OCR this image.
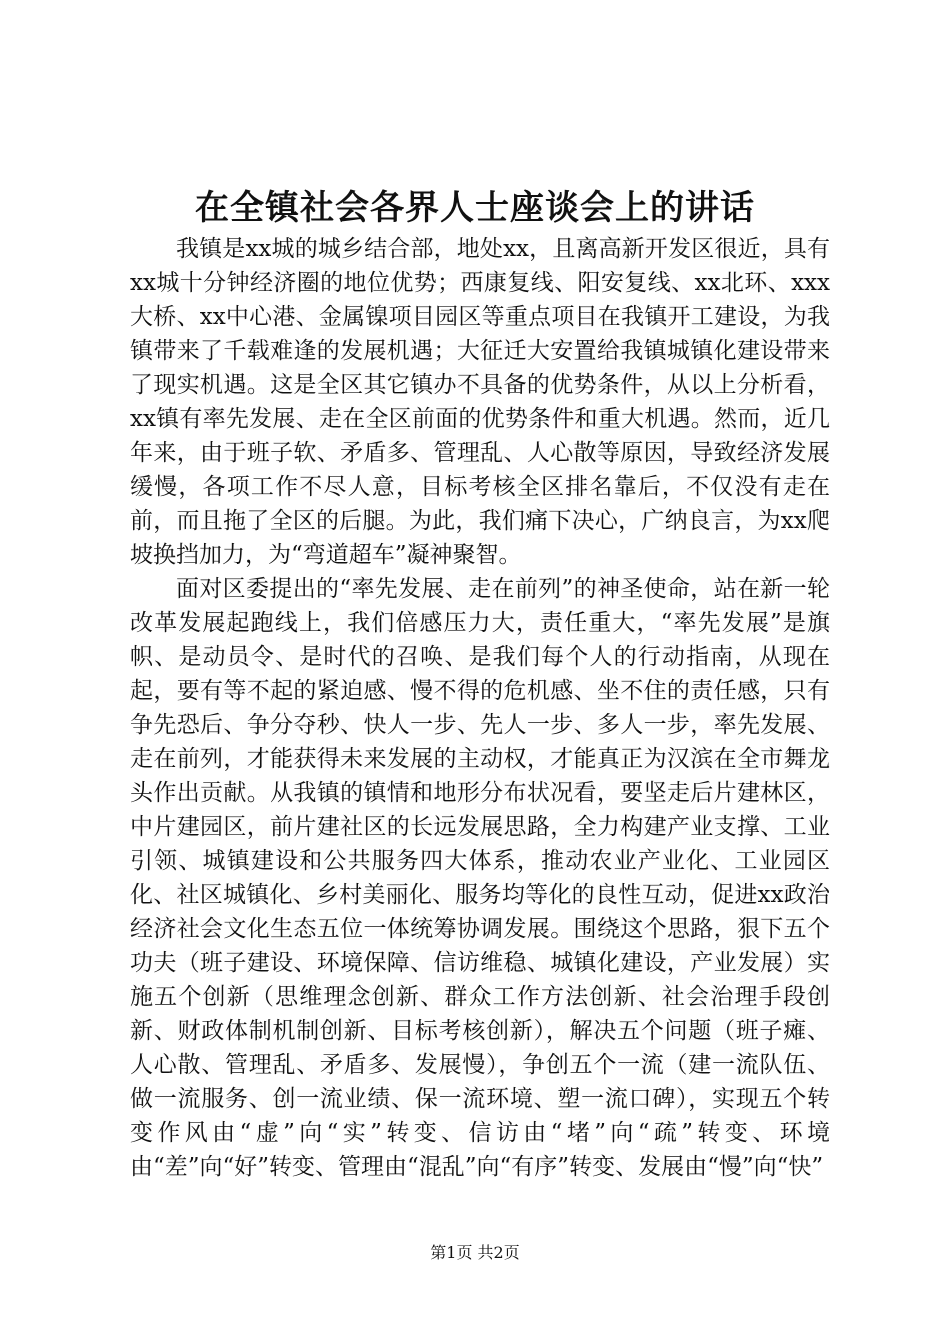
在全镇社会各界人士座谈会上的讲话

我镇是xx城的城乡结合部，地处xx，且离高新开发区很近，具有xx城十分钟经济圈的地位优势；西康复线、阳安复线、xx北环、xxx大桥、xx中心港、金属镍项目园区等重点项目在我镇开工建设，为我镇带来了千载难逢的发展机遇；大征迁大安置给我镇城镇化建设带来了现实机遇。这是全区其它镇办不具备的优势条件，从以上分析看，xx镇有率先发展、走在全区前面的优势条件和重大机遇。然而，近几年来，由于班子软、矛盾多、管理乱、人心散等原因，导致经济发展缓慢，各项工作不尽人意，目标考核全区排名靠后，不仅没有走在前，而且拖了全区的后腿。为此，我们痛下决心，广纳良言，为xx爬坡换挡加力，为“弯道超车”凝神聚智。

面对区委提出的“率先发展、走在前列”的神圣使命，站在新一轮改革发展起跑线上，我们倍感压力大，责任重大，“率先发展”是旗帜、是动员令、是时代的召唤、是我们每个人的行动指南，从现在起，要有等不起的紧迫感、慢不得的危机感、坐不住的责任感，只有争先恐后、争分夺秒、快人一步、先人一步、多人一步，率先发展、走在前列，才能获得未来发展的主动权，才能真正为汉滨在全市舞龙头作出贡献。从我镇的镇情和地形分布状况看，要坚走后片建林区，中片建园区，前片建社区的长远发展思路，全力构建产业支撑、工业引领、城镇建设和公共服务四大体系，推动农业产业化、工业园区化、社区城镇化、乡村美丽化、服务均等化的良性互动，促进xx政治经济社会文化生态五位一体统筹协调发展。围绕这个思路，狠下五个功夫（班子建设、环境保障、信访维稳、城镇化建设，产业发展）实施五个创新（思维理念创新、群众工作方法创新、社会治理手段创新、财政体制机制创新、目标考核创新），解决五个问题（班子瘫、人心散、管理乱、矛盾多、发展慢），争创五个一流（建一流队伍、做一流服务、创一流业绩、保一流环境、塑一流口碑），实现五个转变作风由“虚”向“实”转变、信访由“堵”向“疏”转变、环境由“差”向“好”转变、管理由“混乱”向“有序”转变、发展由“慢”向“快”

第1页 共2页
